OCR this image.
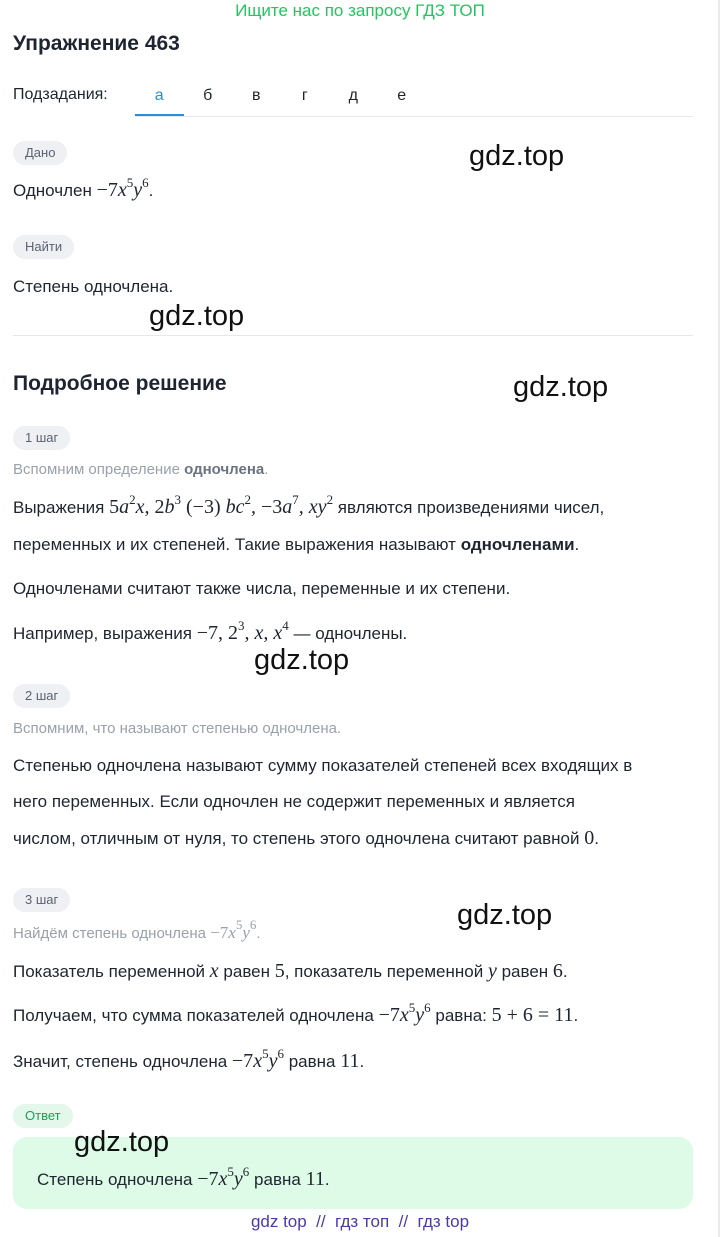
Ищите нас по запросу ГДЗ ТОП
Упражнение 463
Подзадания:	а	б	в	г	д	е
Дано
Одночлен $-7x^5y^6$.
Найти
Степень одночлена.
Подробное решение
1 шаг
Вспомним определение одночлена.
Выражения $5a^2x$, $2b^3$ (−3) $bc^2$, $-3a^7$, $xy^2$ являются произведениями чисел,
переменных и их степеней. Такие выражения называют одночленами.
Одночленами считают также числа, переменные и их степени.
Например, выражения −7, $2^3$, x, $x^4$ — одночлены.
2 шаг
Вспомним, что называют степенью одночлена.
Степенью одночлена называют сумму показателей степеней всех входящих в
него переменных. Если одночлен не содержит переменных и является
числом, отличным от нуля, то степень этого одночлена считают равной 0.
3 шаг
Найдём степень одночлена $-7x^5y^6$.
Показатель переменной x равен 5, показатель переменной y равен 6.
Получаем, что сумма показателей одночлена $-7x^5y^6$ равна: 5 + 6 = 11.
Значит, степень одночлена $-7x^5y^6$ равна 11.
Ответ
Степень одночлена $-7x^5y^6$ равна 11.
gdz.top
gdz.top
gdz.top
gdz.top
gdz.top
gdz.top
gdz top  //  гдз топ  //  гдз top
